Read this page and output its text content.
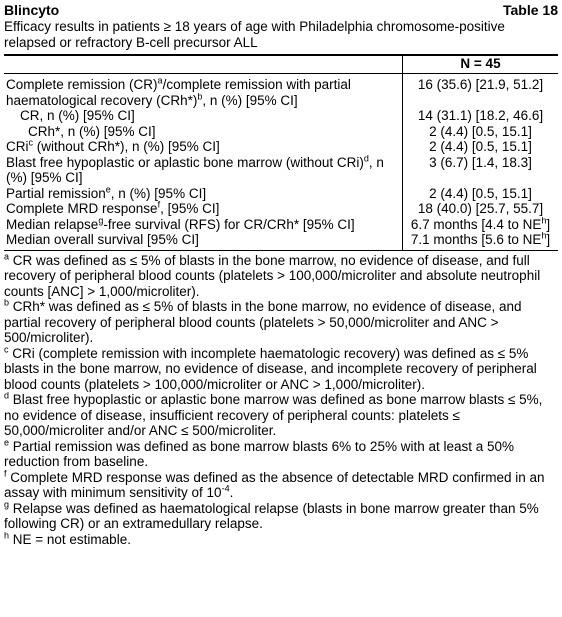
Blincyto	Table 18
Efficacy results in patients ≥ 18 years of age with Philadelphia chromosome-positive relapsed or refractory B-cell precursor ALL
	N = 45
Complete remission (CR)$^a$/complete remission with partial haematological recovery $(CRh*)^b$, n (%) [95% CI]	16 (35.6) [21.9, 51.2]
CR, n (%) [95% CI]	14 (31.1) [18.2, 46.6]
CRh*, n (%) [95% CI]	2 (4.4) [0.5, 15.1]
CRi$^c$ (without CRh*), n (%) [95% CI]	2 (4.4) [0.5, 15.1]
Blast free hypoplastic or aplastic bone marrow (without CRi)$^d$, n (%) [95% CI]	3 (6.7) [1.4, 18.3]
Partial remission$^e$, n (%) [95% CI]	2 (4.4) [0.5, 15.1]
Complete MRD response$^f$, [95% CI]	18 (40.0) [25.7, 55.7]
Median relapse$^g$-free survival (RFS) for CR/CRh* [95% CI]	6.7 months [4.4 to $NE^h$]
Median overall survival [95% CI]	7.1 months [5.6 to $NE^h$]

$^a$ CR was defined as ≤ 5% of blasts in the bone marrow, no evidence of disease, and full recovery of peripheral blood counts (platelets > 100,000/microliter and absolute neutrophil counts [ANC] > 1,000/microliter).

$^b$ CRh* was defined as ≤ 5% of blasts in the bone marrow, no evidence of disease, and partial recovery of peripheral blood counts (platelets > 50,000/microliter and ANC > 500/microliter).

$^c$ CRi (complete remission with incomplete haematologic recovery) was defined as ≤ 5% blasts in the bone marrow, no evidence of disease, and incomplete recovery of peripheral blood counts (platelets > 100,000/microliter or ANC > 1,000/microliter).

$^d$ Blast free hypoplastic or aplastic bone marrow was defined as bone marrow blasts ≤ 5%, no evidence of disease, insufficient recovery of peripheral counts: platelets ≤ 50,000/microliter and/or ANC ≤ 500/microliter.

$^e$ Partial remission was defined as bone marrow blasts 6% to 25% with at least a 50% reduction from baseline.

$^f$ Complete MRD response was defined as the absence of detectable MRD confirmed in an assay with minimum sensitivity of $10^{-4}$.

$^g$ Relapse was defined as haematological relapse (blasts in bone marrow greater than 5% following CR) or an extramedullary relapse.

$^h$ NE = not estimable.
